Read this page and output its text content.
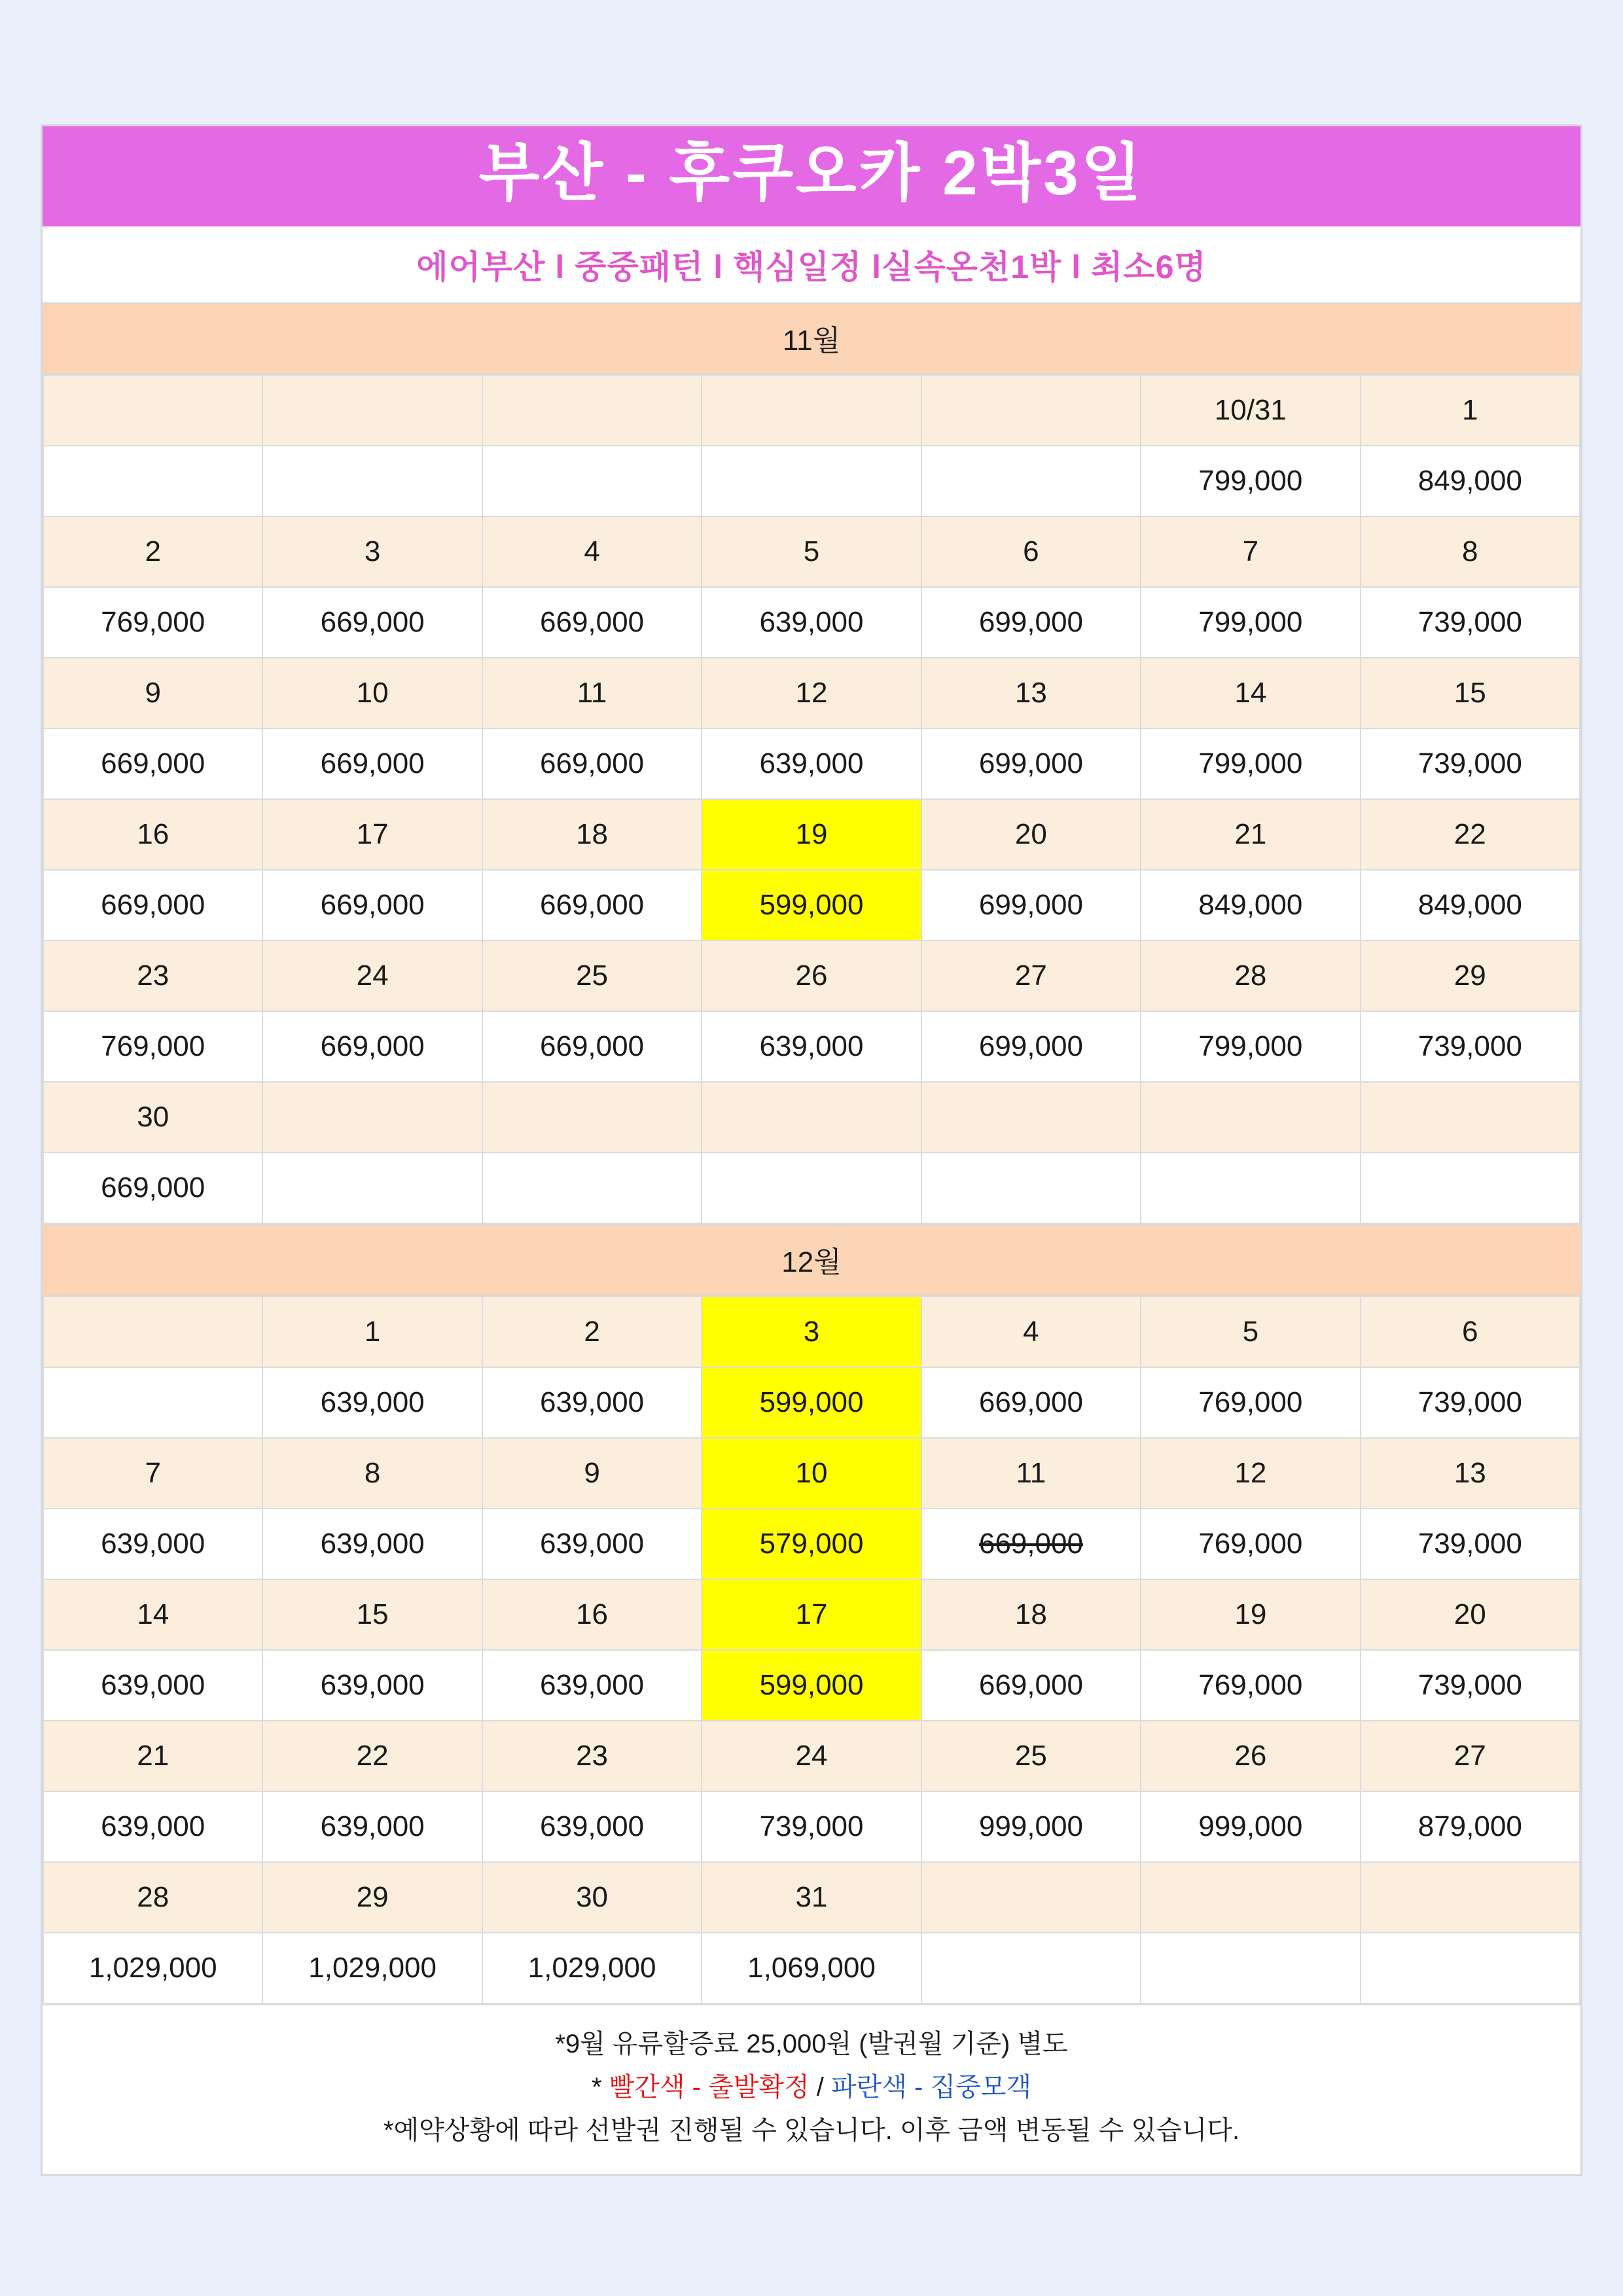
부산 - 후쿠오카 2박3일
에어부산 l 중중패턴 l 핵심일정 l실속온천1박 l 최소6명
11월
					10/31	1
					799,000	849,000
2	3	4	5	6	7	8
769,000	669,000	669,000	639,000	699,000	799,000	739,000
9	10	11	12	13	14	15
669,000	669,000	669,000	639,000	699,000	799,000	739,000
16	17	18	19	20	21	22
669,000	669,000	669,000	599,000	699,000	849,000	849,000
23	24	25	26	27	28	29
769,000	669,000	669,000	639,000	699,000	799,000	739,000
30						
669,000						
12월
	1	2	3	4	5	6
	639,000	639,000	599,000	669,000	769,000	739,000
7	8	9	10	11	12	13
639,000	639,000	639,000	579,000	669,000	769,000	739,000
14	15	16	17	18	19	20
639,000	639,000	639,000	599,000	669,000	769,000	739,000
21	22	23	24	25	26	27
639,000	639,000	639,000	739,000	999,000	999,000	879,000
28	29	30	31			
1,029,000	1,029,000	1,029,000	1,069,000			
*9월 유류할증료 25,000원 (발권월 기준) 별도
* 빨간색 - 출발확정 / 파란색 - 집중모객
*예약상황에 따라 선발권 진행될 수 있습니다. 이후 금액 변동될 수 있습니다.
